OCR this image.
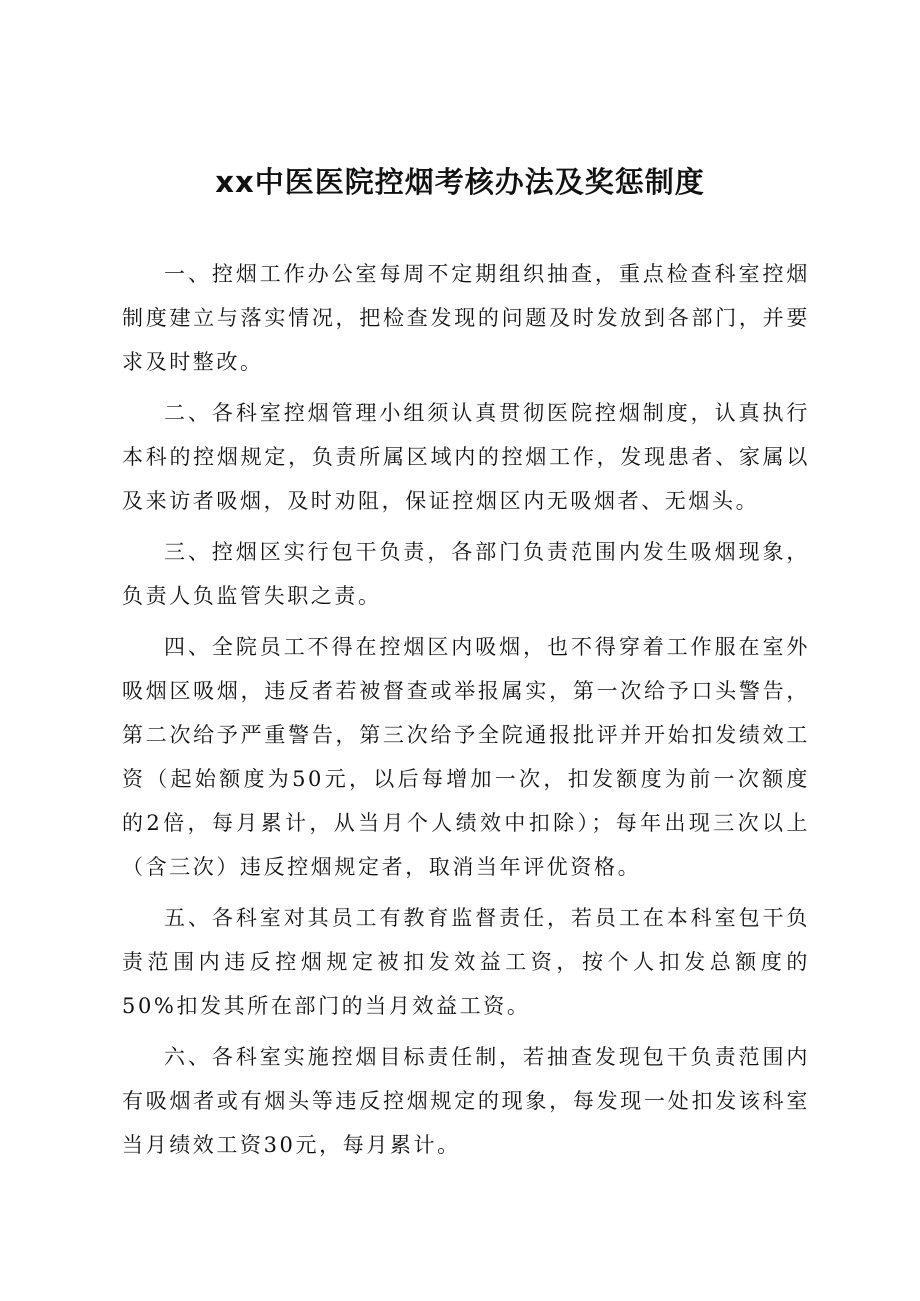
xx中医医院控烟考核办法及奖惩制度

一、控烟工作办公室每周不定期组织抽查，重点检查科室控烟制度建立与落实情况，把检查发现的问题及时发放到各部门，并要求及时整改。

二、各科室控烟管理小组须认真贯彻医院控烟制度，认真执行本科的控烟规定，负责所属区域内的控烟工作，发现患者、家属以及来访者吸烟，及时劝阻，保证控烟区内无吸烟者、无烟头。

三、控烟区实行包干负责，各部门负责范围内发生吸烟现象，负责人负监管失职之责。

四、全院员工不得在控烟区内吸烟，也不得穿着工作服在室外吸烟区吸烟，违反者若被督查或举报属实，第一次给予口头警告，第二次给予严重警告，第三次给予全院通报批评并开始扣发绩效工资（起始额度为50元，以后每增加一次，扣发额度为前一次额度的2倍，每月累计，从当月个人绩效中扣除）；每年出现三次以上（含三次）违反控烟规定者，取消当年评优资格。

五、各科室对其员工有教育监督责任，若员工在本科室包干负责范围内违反控烟规定被扣发效益工资，按个人扣发总额度的50%扣发其所在部门的当月效益工资。

六、各科室实施控烟目标责任制，若抽查发现包干负责范围内有吸烟者或有烟头等违反控烟规定的现象，每发现一处扣发该科室当月绩效工资30元，每月累计。
